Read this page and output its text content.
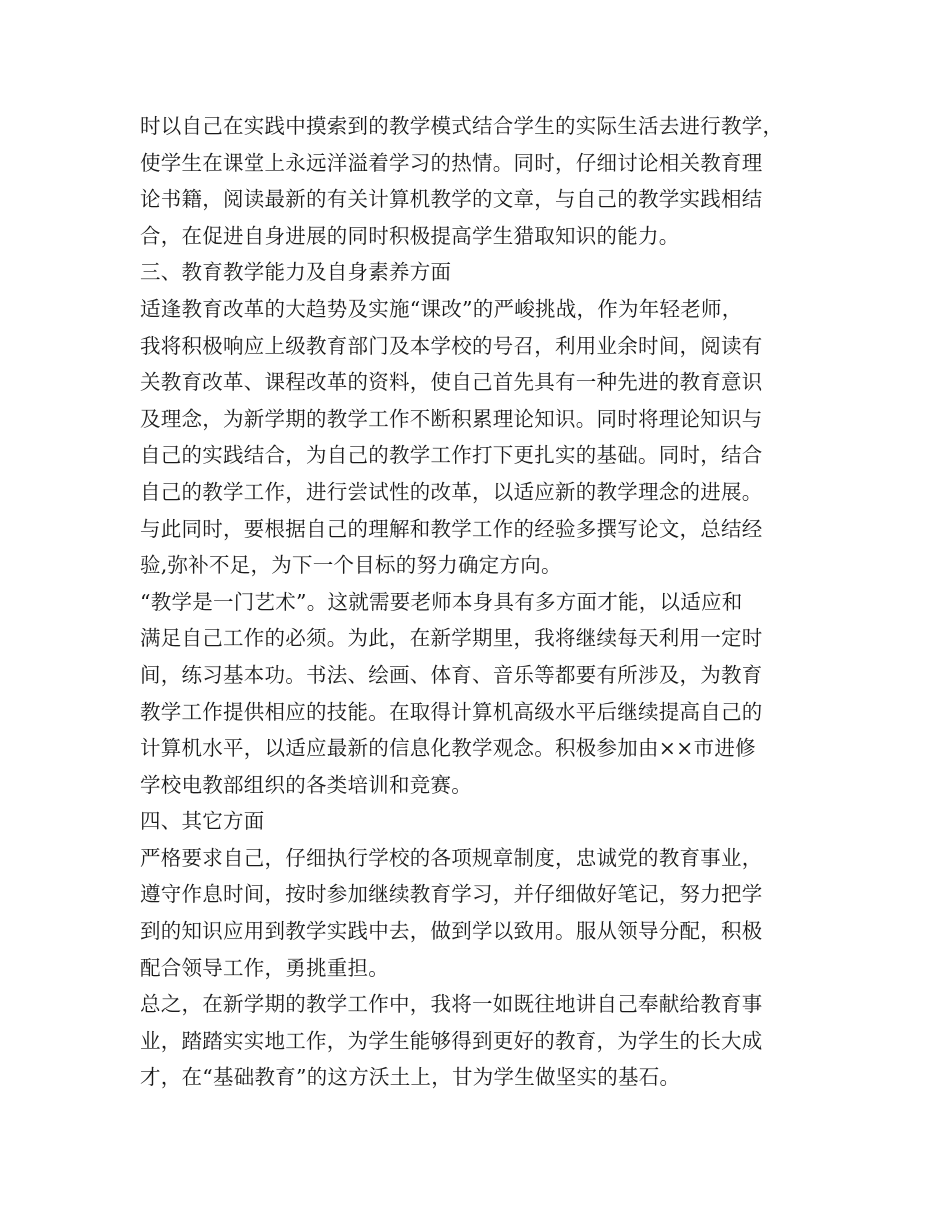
时以自己在实践中摸索到的教学模式结合学生的实际生活去进行教学，
使学生在课堂上永远洋溢着学习的热情。同时，仔细讨论相关教育理
论书籍，阅读最新的有关计算机教学的文章，与自己的教学实践相结
合，在促进自身进展的同时积极提高学生猎取知识的能力。
三、教育教学能力及自身素养方面
适逢教育改革的大趋势及实施“课改”的严峻挑战，作为年轻老师，
我将积极响应上级教育部门及本学校的号召，利用业余时间，阅读有
关教育改革、课程改革的资料，使自己首先具有一种先进的教育意识
及理念，为新学期的教学工作不断积累理论知识。同时将理论知识与
自己的实践结合，为自己的教学工作打下更扎实的基础。同时，结合
自己的教学工作，进行尝试性的改革，以适应新的教学理念的进展。
与此同时，要根据自己的理解和教学工作的经验多撰写论文，总结经
验,弥补不足，为下一个目标的努力确定方向。
“教学是一门艺术”。这就需要老师本身具有多方面才能，以适应和
满足自己工作的必须。为此，在新学期里，我将继续每天利用一定时
间，练习基本功。书法、绘画、体育、音乐等都要有所涉及，为教育
教学工作提供相应的技能。在取得计算机高级水平后继续提高自己的
计算机水平，以适应最新的信息化教学观念。积极参加由××市进修
学校电教部组织的各类培训和竞赛。
四、其它方面
严格要求自己，仔细执行学校的各项规章制度，忠诚党的教育事业，
遵守作息时间，按时参加继续教育学习，并仔细做好笔记，努力把学
到的知识应用到教学实践中去，做到学以致用。服从领导分配，积极
配合领导工作，勇挑重担。
总之，在新学期的教学工作中，我将一如既往地讲自己奉献给教育事
业，踏踏实实地工作，为学生能够得到更好的教育，为学生的长大成
才，在“基础教育”的这方沃土上，甘为学生做坚实的基石。
